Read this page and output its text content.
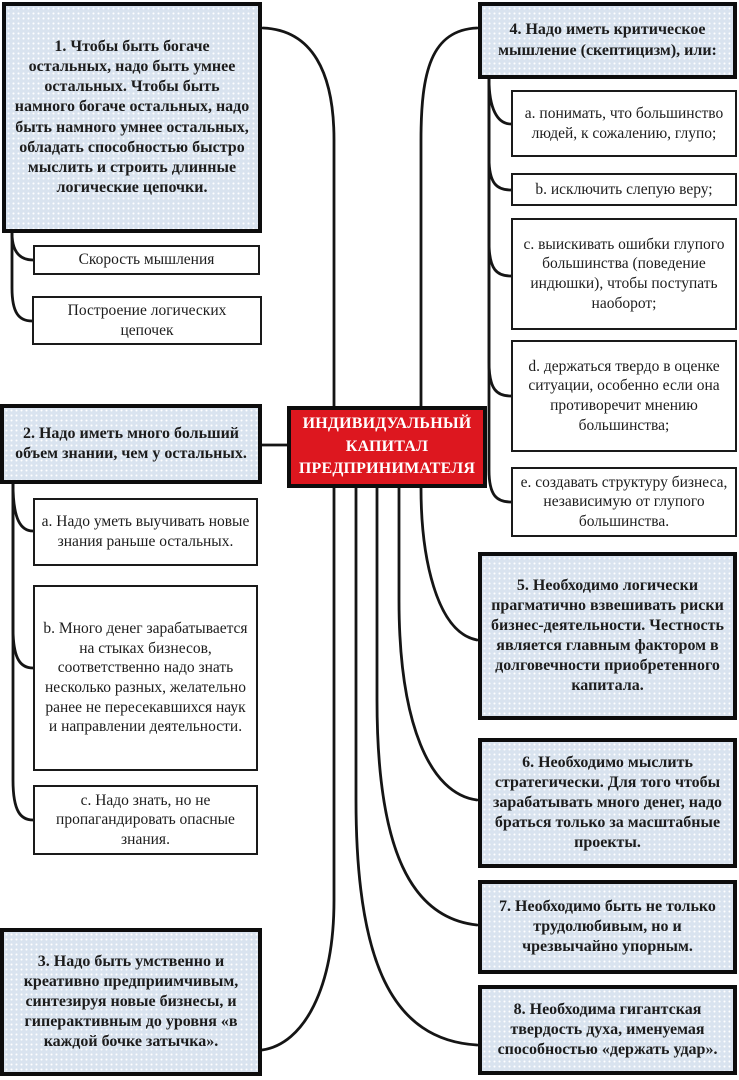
ИНДИВИДУАЛЬНЫЙ КАПИТАЛ ПРЕДПРИНИМАТЕЛЯ
1. Чтобы быть богаче остальных, надо быть умнее остальных. Чтобы быть намного богаче остальных, надо быть намного умнее остальных, обладать способностью быстро мыслить и строить длинные логические цепочки.
Скорость мышления
Построение логических цепочек
2. Надо иметь много больший объем знании, чем у остальных.
a. Надо уметь выучивать новые знания раньше остальных.
b. Много денег зарабатывается на стыках бизнесов, соответственно надо знать несколько разных, желательно ранее не пересекавшихся наук и направлении деятельности.
c. Надо знать, но не пропагандировать опасные знания.
3. Надо быть умственно и креативно предприимчивым, синтезируя новые бизнесы, и гиперактивным до уровня «в каждой бочке затычка».
4. Надо иметь критическое мышление (скептицизм), или:
a. понимать, что большинство людей, к сожалению, глупо;
b. исключить слепую веру;
c. выискивать ошибки глупого большинства (поведение индюшки), чтобы поступать наоборот;
d. держаться твердо в оценке ситуации, особенно если она противоречит мнению большинства;
e. создавать структуру бизнеса, независимую от глупого большинства.
5. Необходимо логически прагматично взвешивать риски бизнес-деятельности. Честность является главным фактором в долговечности приобретенного капитала.
6. Необходимо мыслить стратегически. Для того чтобы зарабатывать много денег, надо браться только за масштабные проекты.
7. Необходимо быть не только трудолюбивым, но и чрезвычайно упорным.
8. Необходима гигантская твердость духа, именуемая способностью «держать удар».
